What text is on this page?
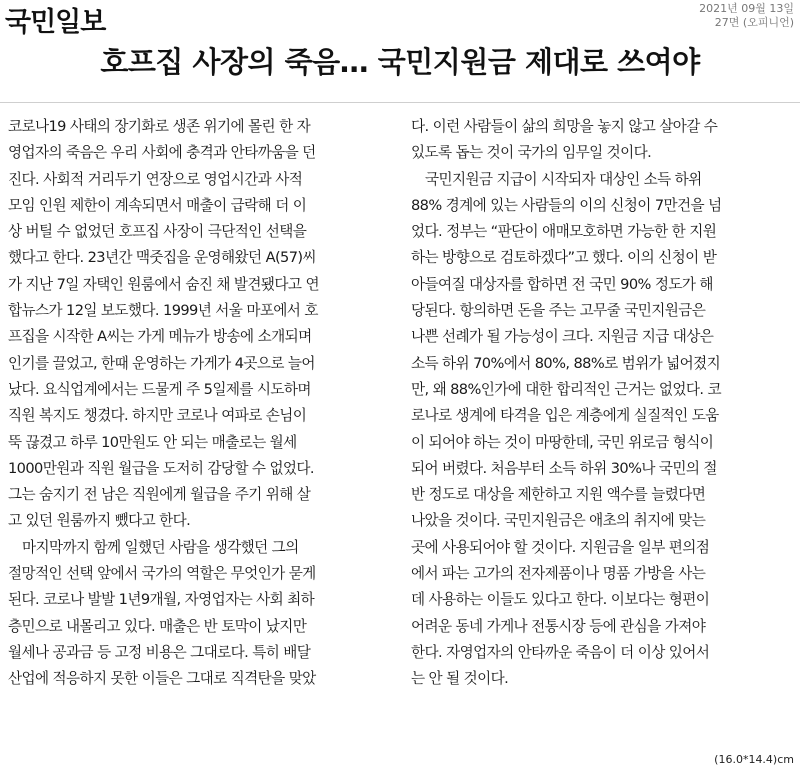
국민일보	2021년 09월 13일
27면 (오피니언)
호프집 사장의 죽음… 국민지원금 제대로 쓰여야
코로나19 사태의 장기화로 생존 위기에 몰린 한 자
영업자의 죽음은 우리 사회에 충격과 안타까움을 던
진다. 사회적 거리두기 연장으로 영업시간과 사적
모임 인원 제한이 계속되면서 매출이 급락해 더 이
상 버틸 수 없었던 호프집 사장이 극단적인 선택을
했다고 한다. 23년간 맥줏집을 운영해왔던 A(57)씨
가 지난 7일 자택인 원룸에서 숨진 채 발견됐다고 연
합뉴스가 12일 보도했다. 1999년 서울 마포에서 호
프집을 시작한 A씨는 가게 메뉴가 방송에 소개되며
인기를 끌었고, 한때 운영하는 가게가 4곳으로 늘어
났다. 요식업계에서는 드물게 주 5일제를 시도하며
직원 복지도 챙겼다. 하지만 코로나 여파로 손님이
뚝 끊겼고 하루 10만원도 안 되는 매출로는 월세
1000만원과 직원 월급을 도저히 감당할 수 없었다.
그는 숨지기 전 남은 직원에게 월급을 주기 위해 살
고 있던 원룸까지 뺐다고 한다.
마지막까지 함께 일했던 사람을 생각했던 그의
절망적인 선택 앞에서 국가의 역할은 무엇인가 묻게
된다. 코로나 발발 1년9개월, 자영업자는 사회 최하
층민으로 내몰리고 있다. 매출은 반 토막이 났지만
월세나 공과금 등 고정 비용은 그대로다. 특히 배달
산업에 적응하지 못한 이들은 그대로 직격탄을 맞았
다. 이런 사람들이 삶의 희망을 놓지 않고 살아갈 수
있도록 돕는 것이 국가의 임무일 것이다.
국민지원금 지급이 시작되자 대상인 소득 하위
88% 경계에 있는 사람들의 이의 신청이 7만건을 넘
었다. 정부는 “판단이 애매모호하면 가능한 한 지원
하는 방향으로 검토하겠다”고 했다. 이의 신청이 받
아들여질 대상자를 합하면 전 국민 90% 정도가 해
당된다. 항의하면 돈을 주는 고무줄 국민지원금은
나쁜 선례가 될 가능성이 크다. 지원금 지급 대상은
소득 하위 70%에서 80%, 88%로 범위가 넓어졌지
만, 왜 88%인가에 대한 합리적인 근거는 없었다. 코
로나로 생계에 타격을 입은 계층에게 실질적인 도움
이 되어야 하는 것이 마땅한데, 국민 위로금 형식이
되어 버렸다. 처음부터 소득 하위 30%나 국민의 절
반 정도로 대상을 제한하고 지원 액수를 늘렸다면
나았을 것이다. 국민지원금은 애초의 취지에 맞는
곳에 사용되어야 할 것이다. 지원금을 일부 편의점
에서 파는 고가의 전자제품이나 명품 가방을 사는
데 사용하는 이들도 있다고 한다. 이보다는 형편이
어려운 동네 가게나 전통시장 등에 관심을 가져야
한다. 자영업자의 안타까운 죽음이 더 이상 있어서
는 안 될 것이다.
(16.0*14.4)cm
